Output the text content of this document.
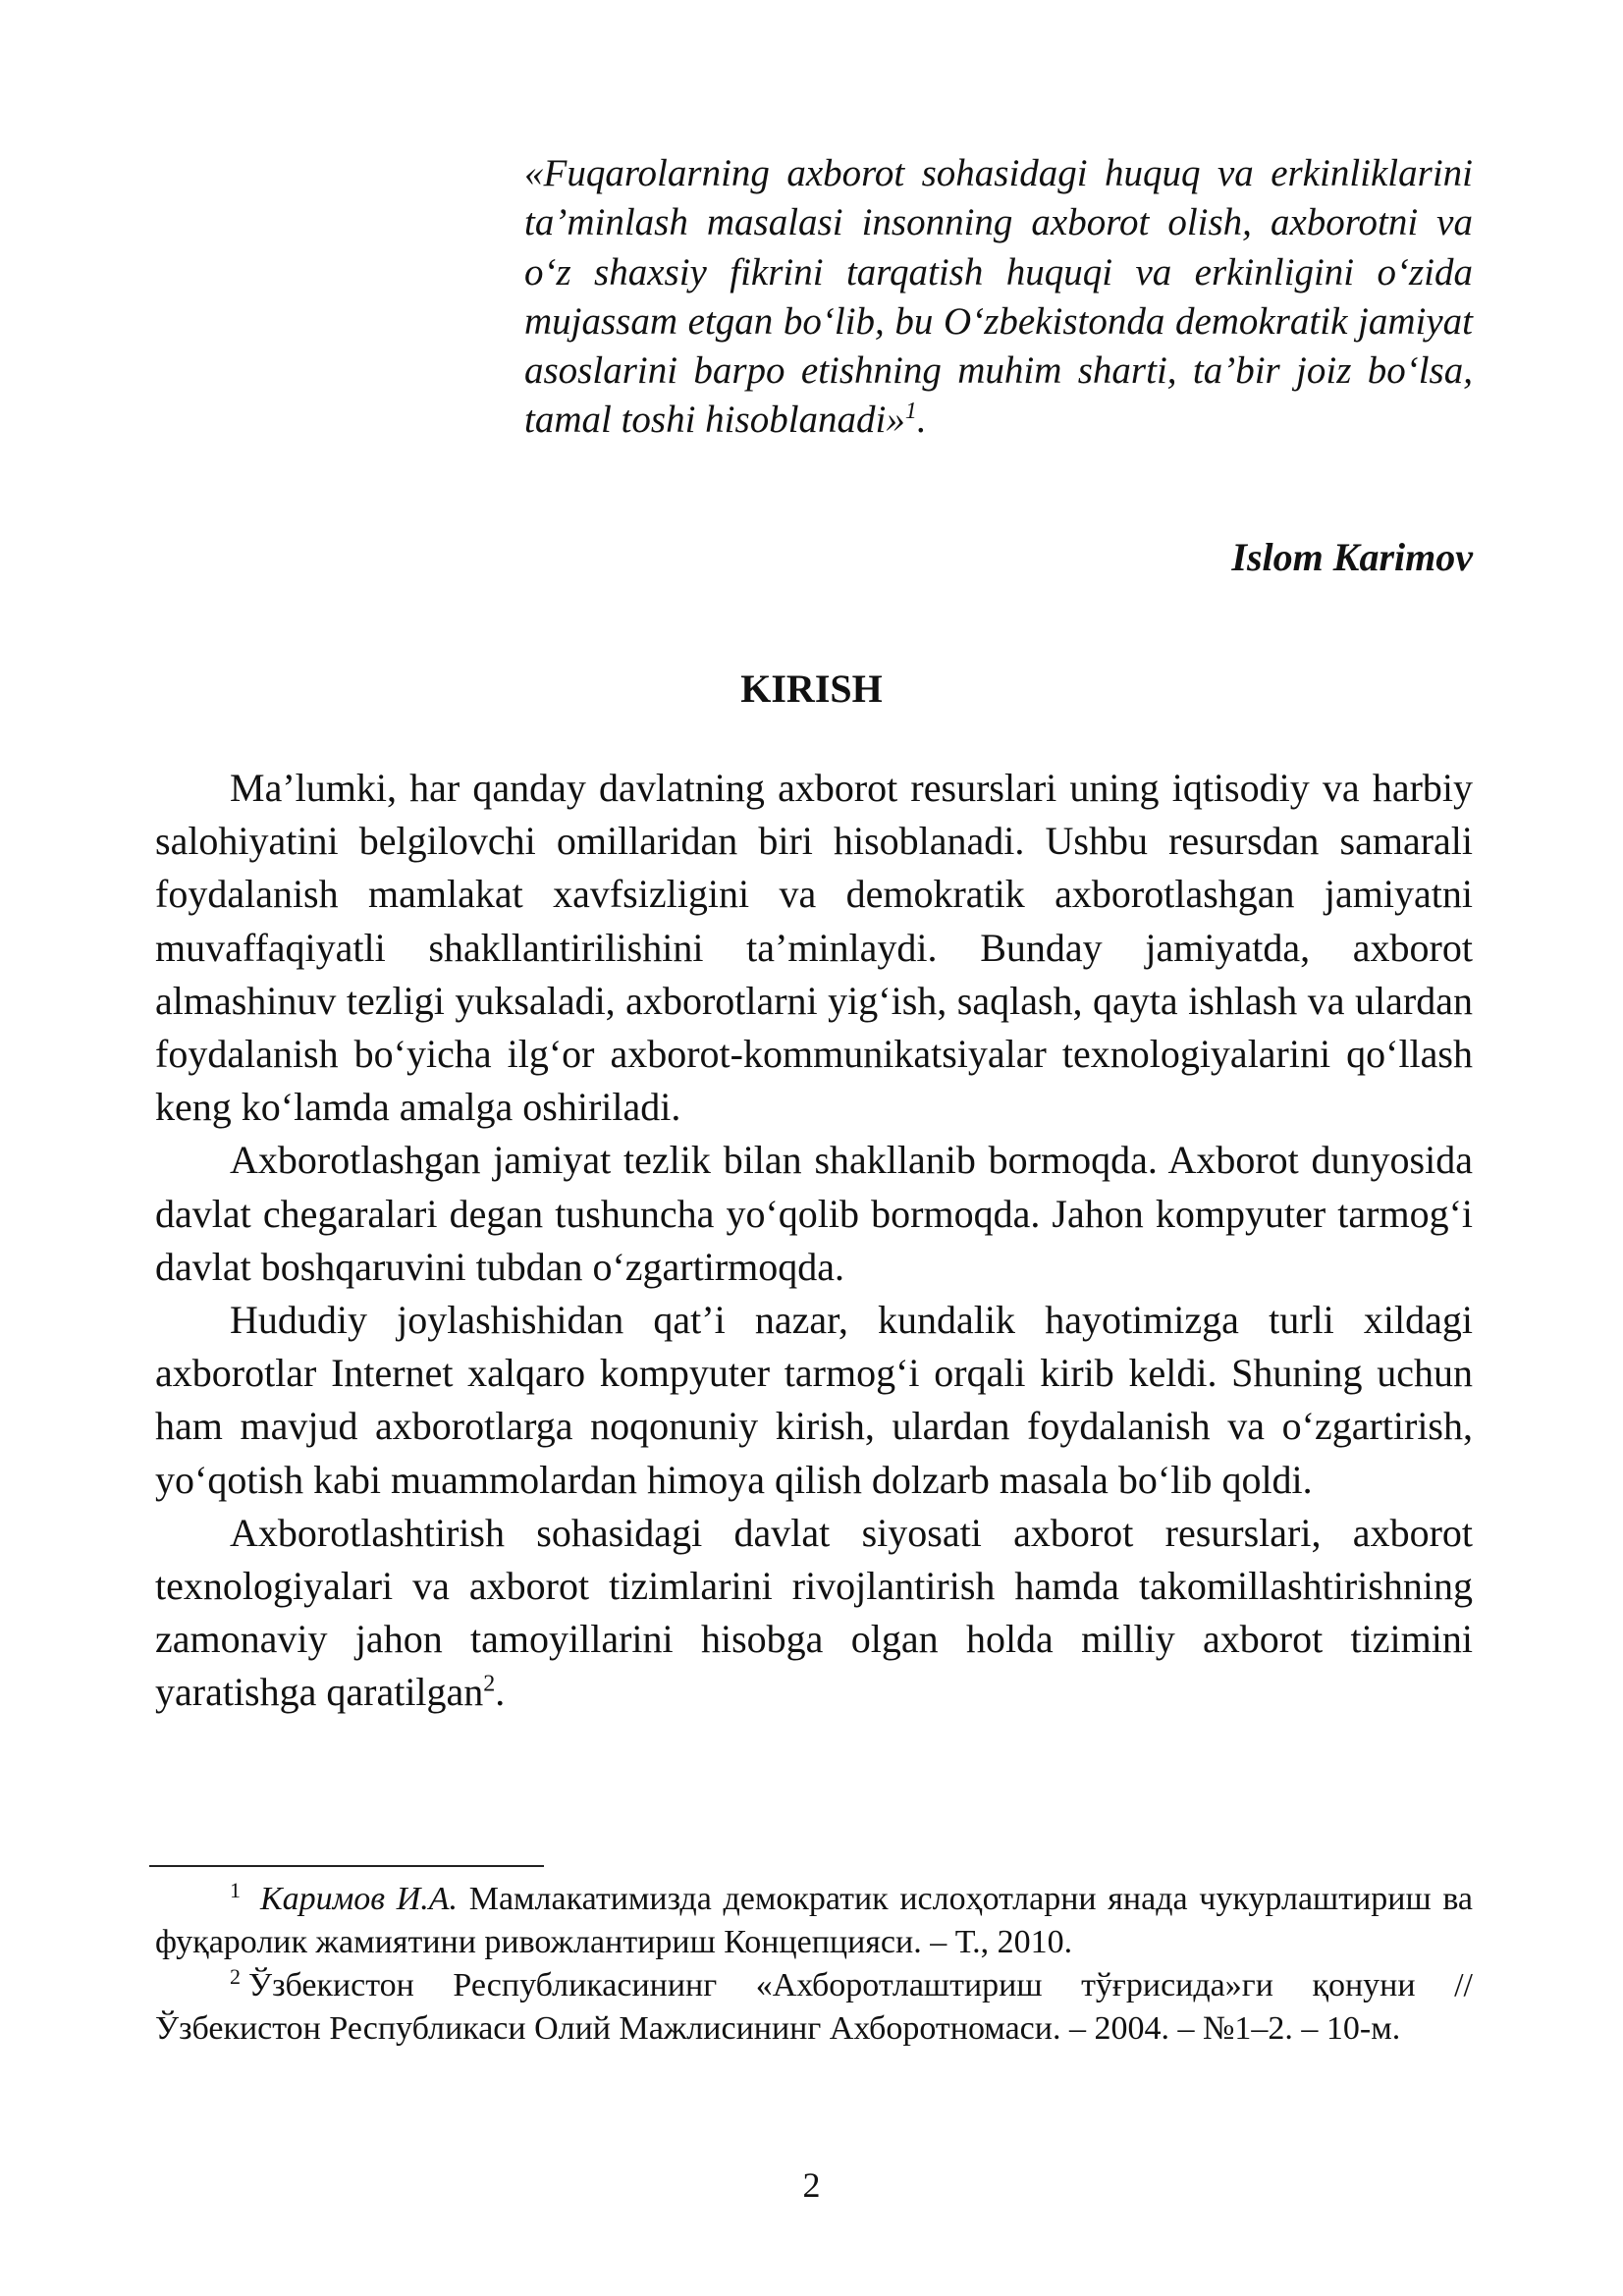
«Fuqarolarning axborot sohasidagi huquq va erkinliklarini ta’minlash masalasi insonning axborot olish, axborotni va o‘z shaxsiy fikrini tarqatish huquqi va erkinligini o‘zida mujassam etgan bo‘lib, bu O‘zbekistonda demokratik jamiyat asoslarini barpo etishning muhim sharti, ta’bir joiz bo‘lsa, tamal toshi hisoblanadi»$^1$.
Islom Karimov
KIRISH

Ma’lumki, har qanday davlatning axborot resurslari uning iqtisodiy va harbiy salohiyatini belgilovchi omillaridan biri hisoblanadi. Ushbu resursdan samarali foydalanish mamlakat xavfsizligini va demokratik axborotlashgan jamiyatni muvaffaqiyatli shakllantirilishini ta’minlaydi. Bunday jamiyatda, axborot almashinuv tezligi yuksaladi, axborotlarni yig‘ish, saqlash, qayta ishlash va ulardan foydalanish bo‘yicha ilg‘or axborot-kommunikatsiyalar texnologiyalarini qo‘llash keng ko‘lamda amalga oshiriladi.

Axborotlashgan jamiyat tezlik bilan shakllanib bormoqda. Axborot dunyosida davlat chegaralari degan tushuncha yo‘qolib bormoqda. Jahon kompyuter tarmog‘i davlat boshqaruvini tubdan o‘zgartirmoqda.

Hududiy joylashishidan qat’i nazar, kundalik hayotimizga turli xildagi axborotlar Internet xalqaro kompyuter tarmog‘i orqali kirib keldi. Shuning uchun ham mavjud axborotlarga noqonuniy kirish, ulardan foydalanish va o‘zgartirish, yo‘qotish kabi muammolardan himoya qilish dolzarb masala bo‘lib qoldi.

Axborotlashtirish sohasidagi davlat siyosati axborot resurslari, axborot texnologiyalari va axborot tizimlarini rivojlantirish hamda takomillashtirishning zamonaviy jahon tamoyillarini hisobga olgan holda milliy axborot tizimini yaratishga qaratilgan$^2$.

$^1$ Каримов И.А. Мамлакатимизда демократик ислоҳотларни янада чукурлаштириш ва фуқаролик жамиятини ривожлантириш Концепцияси. – Т., 2010.

$^2$ Ўзбекистон Республикасининг «Ахборотлаштириш тўғрисида»ги қонуни // Ўзбекистон Республикаси Олий Мажлисининг Ахборотномаси. – 2004. – №1–2. – 10-м.

2
